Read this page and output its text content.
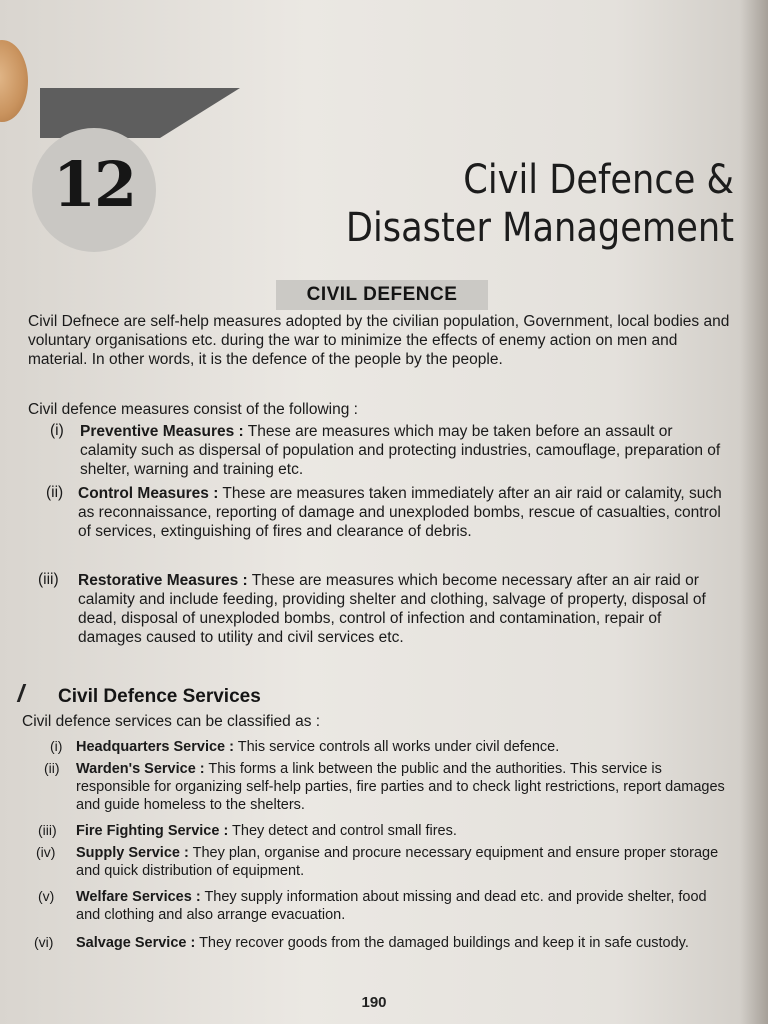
12	Civil Defence &
Disaster Management
CIVIL DEFENCE
Civil Defnece are self-help measures adopted by the civilian population, Government, local bodies and voluntary organisations etc. during the war to minimize the effects of enemy action on men and material. In other words, it is the defence of the people by the people.
Civil defence measures consist of the following :
(i) Preventive Measures : These are measures which may be taken before an assault or calamity such as dispersal of population and protecting industries, camouflage, preparation of shelter, warning and training etc.
(ii) Control Measures : These are measures taken immediately after an air raid or calamity, such as reconnaissance, reporting of damage and unexploded bombs, rescue of casualties, control of services, extinguishing of fires and clearance of debris.
(iii) Restorative Measures : These are measures which become necessary after an air raid or calamity and include feeding, providing shelter and clothing, salvage of property, disposal of dead, disposal of unexploded bombs, control of infection and contamination, repair of damages caused to utility and civil services etc.
Civil Defence Services
Civil defence services can be classified as :
(i) Headquarters Service : This service controls all works under civil defence.
(ii) Warden's Service : This forms a link between the public and the authorities. This service is responsible for organizing self-help parties, fire parties and to check light restrictions, report damages and guide homeless to the shelters.
(iii) Fire Fighting Service : They detect and control small fires.
(iv) Supply Service : They plan, organise and procure necessary equipment and ensure proper storage and quick distribution of equipment.
(v) Welfare Services : They supply information about missing and dead etc. and provide shelter, food and clothing and also arrange evacuation.
(vi) Salvage Service : They recover goods from the damaged buildings and keep it in safe custody.
190
